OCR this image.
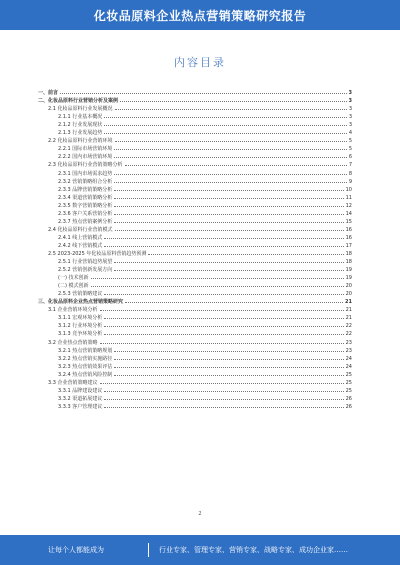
化妆品原料企业热点营销策略研究报告
内容目录
一、前言	3
二、化妆品原料行业营销分析及案例	3
2.1 化妆品原料行业发展概况	3
2.1.1 行业基本概况	3
2.1.2 行业发展现状	3
2.1.3 行业发展趋势	4
2.2 化妆品原料行业营销环境	5
2.2.1 国际市场营销环境	5
2.2.2 国内市场营销环境	6
2.3 化妆品原料行业营销策略分析	7
2.3.1 国内市场需求趋势	8
2.3.2 营销策略组合分析	9
2.3.3 品牌营销策略分析	10
2.3.4 渠道营销策略分析	11
2.3.5 数字营销策略分析	12
2.3.6 客户关系营销分析	14
2.3.7 热点营销案例分析	15
2.4 化妆品原料行业营销模式	16
2.4.1 线上营销模式	16
2.4.2 线下营销模式	17
2.5 2023-2025 年化妆品原料营销趋势预测	18
2.5.1 行业营销趋势展望	18
2.5.2 营销创新发展方向	19
(一) 技术创新	19
(二) 模式创新	20
2.5.3 营销策略建议	20
三、化妆品原料企业热点营销策略研究	21
3.1 企业营销环境分析	21
3.1.1 宏观环境分析	21
3.1.2 行业环境分析	22
3.1.3 竞争环境分析	22
3.2 企业热点营销策略	23
3.2.1 热点营销策略规划	23
3.2.2 热点营销实施路径	24
3.2.3 热点营销效果评估	24
3.2.4 热点营销风险控制	25
3.3 企业营销策略建议	25
3.3.1 品牌建设建议	25
3.3.2 渠道拓展建议	26
3.3.3 客户管理建议	26
2
让每个人都能成为	行业专家、管理专家、营销专家、战略专家、成功企业家……
